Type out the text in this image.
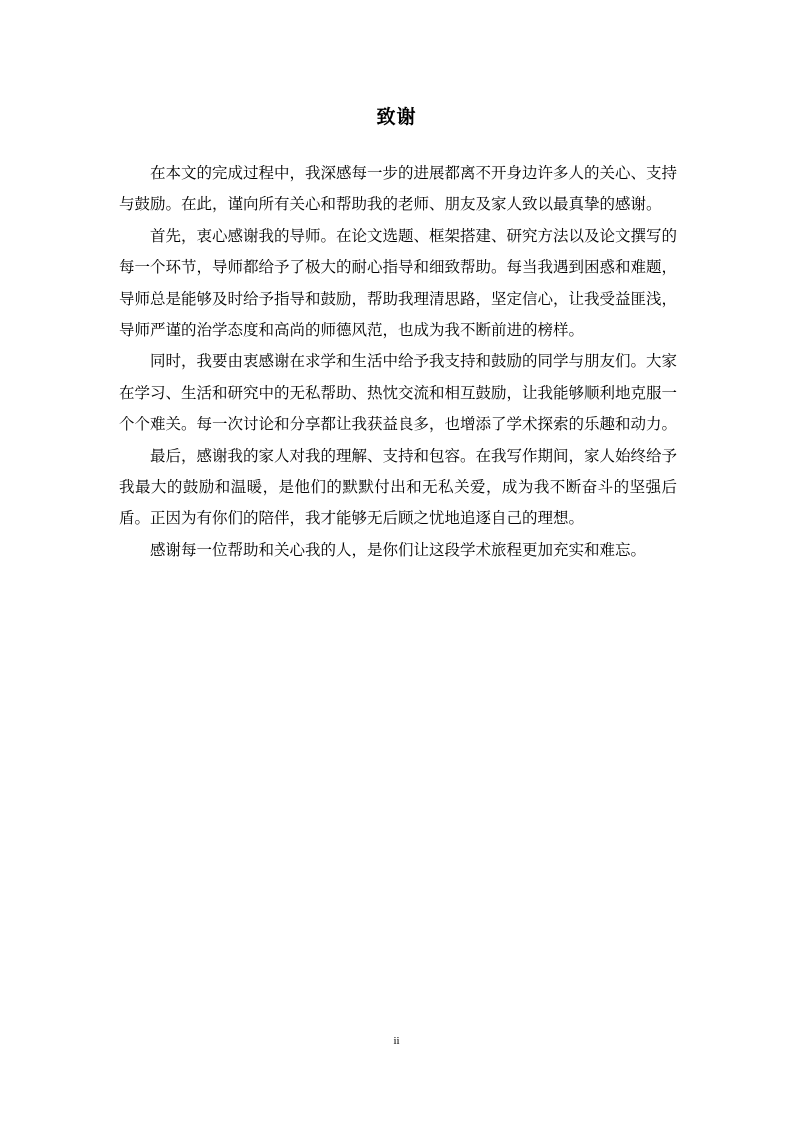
致谢

在本文的完成过程中，我深感每一步的进展都离不开身边许多人的关心、支持与鼓励。在此，谨向所有关心和帮助我的老师、朋友及家人致以最真挚的感谢。

首先，衷心感谢我的导师。在论文选题、框架搭建、研究方法以及论文撰写的每一个环节，导师都给予了极大的耐心指导和细致帮助。每当我遇到困惑和难题，导师总是能够及时给予指导和鼓励，帮助我理清思路，坚定信心，让我受益匪浅，导师严谨的治学态度和高尚的师德风范，也成为我不断前进的榜样。

同时，我要由衷感谢在求学和生活中给予我支持和鼓励的同学与朋友们。大家在学习、生活和研究中的无私帮助、热忱交流和相互鼓励，让我能够顺利地克服一个个难关。每一次讨论和分享都让我获益良多，也增添了学术探索的乐趣和动力。

最后，感谢我的家人对我的理解、支持和包容。在我写作期间，家人始终给予我最大的鼓励和温暖，是他们的默默付出和无私关爱，成为我不断奋斗的坚强后盾。正因为有你们的陪伴，我才能够无后顾之忧地追逐自己的理想。

感谢每一位帮助和关心我的人，是你们让这段学术旅程更加充实和难忘。

ii
